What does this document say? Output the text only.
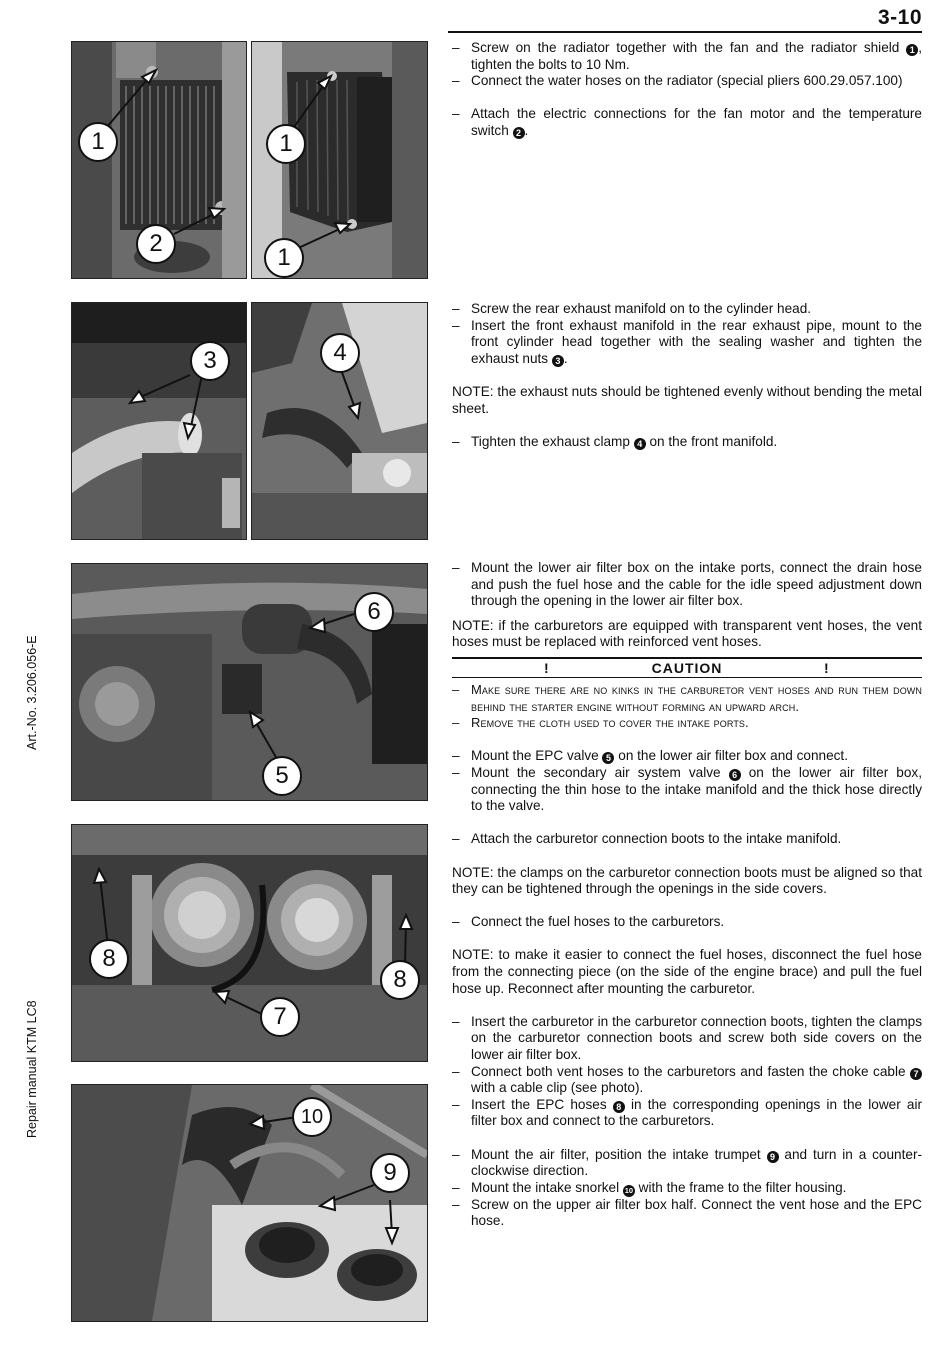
3-10
Art.-No. 3.206.056-E
Repair manual KTM LC8
1
2
1
1
3	4
6
5
8
8
7
10
9

– Screw on the radiator together with the fan and the radiator shield 1 , tighten the bolts to 10 Nm.

– Connect the water hoses on the radiator (special pliers 600.29.057.100)

– Attach the electric connections for the fan motor and the temperature switch 2 .

– Screw the rear exhaust manifold on to the cylinder head.

– Insert the front exhaust manifold in the rear exhaust pipe, mount to the front cylinder head together with the sealing washer and tighten the exhaust nuts 3 .

NOTE: the exhaust nuts should be tightened evenly without bending the metal sheet.

– Tighten the exhaust clamp 4 on the front manifold.

– Mount the lower air filter box on the intake ports, connect the drain hose and push the fuel hose and the cable for the idle speed adjustment down through the opening in the lower air filter box.

NOTE: if the carburetors are equipped with transparent vent hoses, the vent hoses must be replaced with reinforced vent hoses.

!	CAUTION	!

– Make sure there are no kinks in the carburetor vent hoses and run them down behind the starter engine without forming an upward arch.

– Remove the cloth used to cover the intake ports.

– Mount the EPC valve 5 on the lower air filter box and connect.

– Mount the secondary air system valve 6 on the lower air filter box, connecting the thin hose to the intake manifold and the thick hose directly to the valve.

– Attach the carburetor connection boots to the intake manifold.

NOTE: the clamps on the carburetor connection boots must be aligned so that they can be tightened through the openings in the side covers.

– Connect the fuel hoses to the carburetors.

NOTE: to make it easier to connect the fuel hoses, disconnect the fuel hose from the connecting piece (on the side of the engine brace) and pull the fuel hose up. Reconnect after mounting the carburetor.

– Insert the carburetor in the carburetor connection boots, tighten the clamps on the carburetor connection boots and screw both side covers on the lower air filter box.

– Connect both vent hoses to the carburetors and fasten the choke cable 7 with a cable clip (see photo).

– Insert the EPC hoses 8 in the corresponding openings in the lower air filter box and connect to the carburetors.

– Mount the air filter, position the intake trumpet 9 and turn in a counter-clockwise direction.

– Mount the intake snorkel 10 with the frame to the filter housing.

– Screw on the upper air filter box half. Connect the vent hose and the EPC hose.
